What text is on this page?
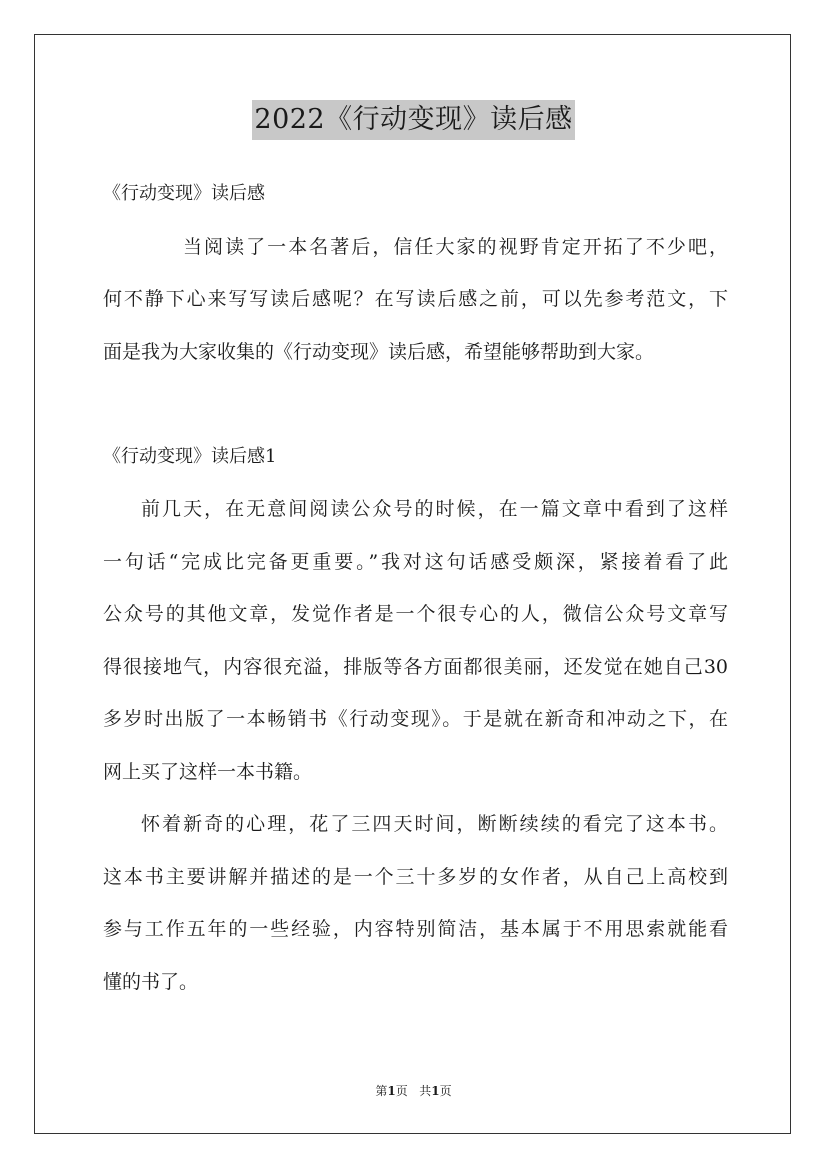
2022《行动变现》读后感
《行动变现》读后感
当阅读了一本名著后，信任大家的视野肯定开拓了不少吧，
何不静下心来写写读后感呢？在写读后感之前，可以先参考范文，下
面是我为大家收集的《行动变现》读后感，希望能够帮助到大家。
《行动变现》读后感1
前几天，在无意间阅读公众号的时候，在一篇文章中看到了这样
一句话“完成比完备更重要。”我对这句话感受颇深，紧接着看了此
公众号的其他文章，发觉作者是一个很专心的人，微信公众号文章写
得很接地气，内容很充溢，排版等各方面都很美丽，还发觉在她自己30
多岁时出版了一本畅销书《行动变现》。于是就在新奇和冲动之下，在
网上买了这样一本书籍。
怀着新奇的心理，花了三四天时间，断断续续的看完了这本书。
这本书主要讲解并描述的是一个三十多岁的女作者，从自己上高校到
参与工作五年的一些经验，内容特别简洁，基本属于不用思索就能看
懂的书了。
第1页 共1页
